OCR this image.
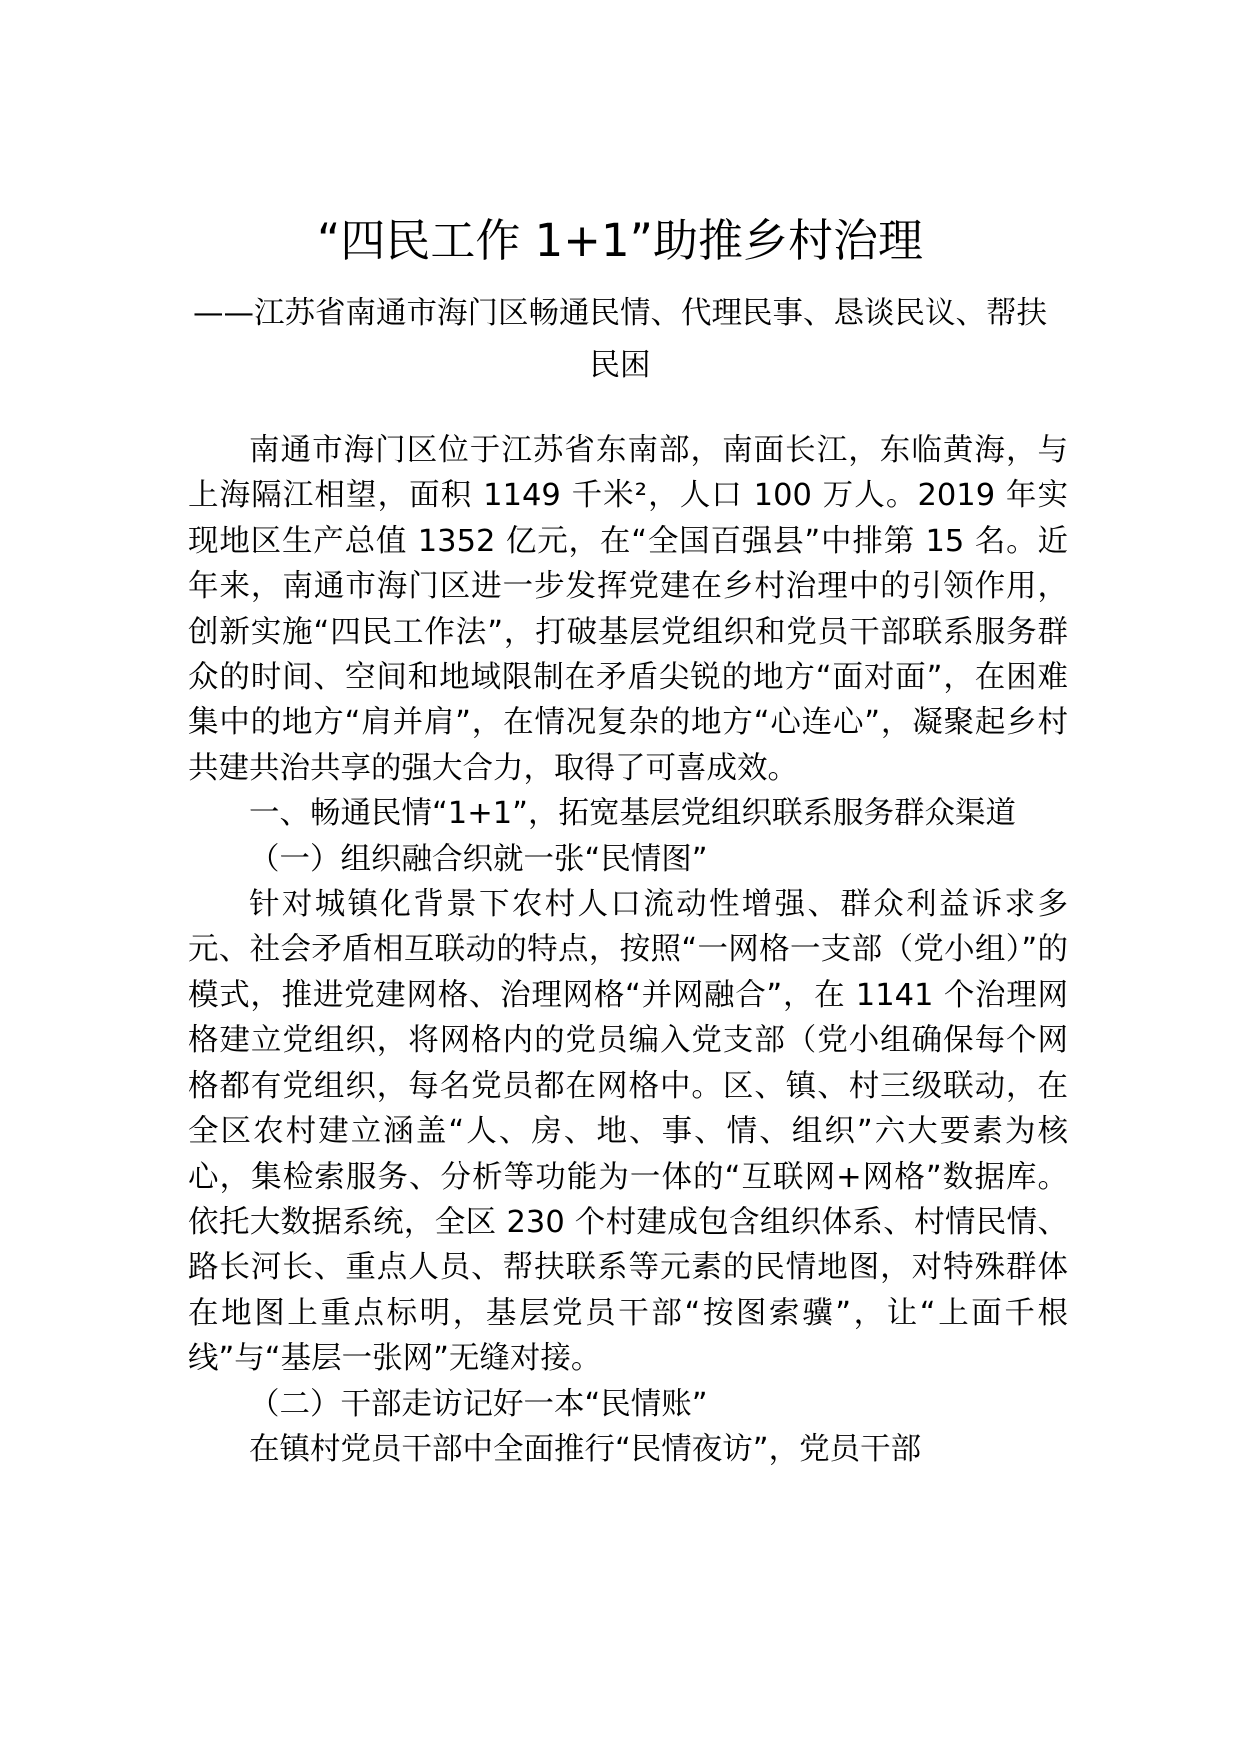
“四民工作 1+1”助推乡村治理
——江苏省南通市海门区畅通民情、代理民事、恳谈民议、帮扶民困

南通市海门区位于江苏省东南部，南面长江，东临黄海，与上海隔江相望，面积 1149 千米²，人口 100 万人。2019 年实现地区生产总值 1352 亿元，在“全国百强县”中排第 15 名。近年来，南通市海门区进一步发挥党建在乡村治理中的引领作用，创新实施“四民工作法”，打破基层党组织和党员干部联系服务群众的时间、空间和地域限制在矛盾尖锐的地方“面对面”，在困难集中的地方“肩并肩”，在情况复杂的地方“心连心”，凝聚起乡村共建共治共享的强大合力，取得了可喜成效。

一、畅通民情“1+1”，拓宽基层党组织联系服务群众渠道

（一）组织融合织就一张“民情图”

针对城镇化背景下农村人口流动性增强、群众利益诉求多元、社会矛盾相互联动的特点，按照“一网格一支部（党小组）”的模式，推进党建网格、治理网格“并网融合”，在 1141 个治理网格建立党组织，将网格内的党员编入党支部（党小组确保每个网格都有党组织，每名党员都在网格中。区、镇、村三级联动，在全区农村建立涵盖“人、房、地、事、情、组织”六大要素为核心，集检索服务、分析等功能为一体的“互联网+网格”数据库。依托大数据系统，全区 230 个村建成包含组织体系、村情民情、路长河长、重点人员、帮扶联系等元素的民情地图，对特殊群体在地图上重点标明，基层党员干部“按图索骥”，让“上面千根线”与“基层一张网”无缝对接。

（二）干部走访记好一本“民情账”

在镇村党员干部中全面推行“民情夜访”，党员干部
